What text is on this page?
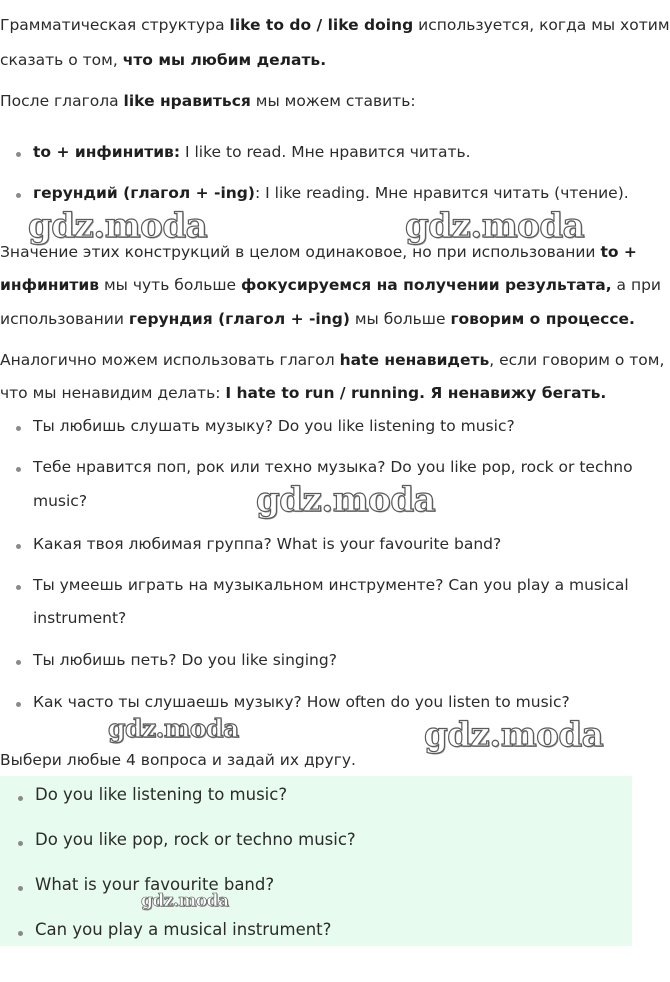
Грамматическая структура like to do / like doing используется, когда мы хотим

сказать о том, что мы любим делать.

После глагола like нравиться мы можем ставить:

to + инфинитив: I like to read. Мне нравится читать.

герундий (глагол + -ing): I like reading. Мне нравится читать (чтение).

Значение этих конструкций в целом одинаковое, но при использовании to +

инфинитив мы чуть больше фокусируемся на получении результата, а при

использовании герундия (глагол + -ing) мы больше говорим о процессе.

Аналогично можем использовать глагол hate ненавидеть, если говорим о том,

что мы ненавидим делать: I hate to run / running. Я ненавижу бегать.

Ты любишь слушать музыку? Do you like listening to music?

Тебе нравится поп, рок или техно музыка? Do you like pop, rock or techno

music?

Какая твоя любимая группа? What is your favourite band?

Ты умеешь играть на музыкальном инструменте? Can you play a musical

instrument?

Ты любишь петь? Do you like singing?

Как часто ты слушаешь музыку? How often do you listen to music?

Выбери любые 4 вопроса и задай их другу.

Do you like listening to music?

Do you like pop, rock or techno music?

What is your favourite band?

Can you play a musical instrument?

gdz.moda	gdz.moda
gdz.moda
gdz.moda	gdz.moda
gdz.moda
